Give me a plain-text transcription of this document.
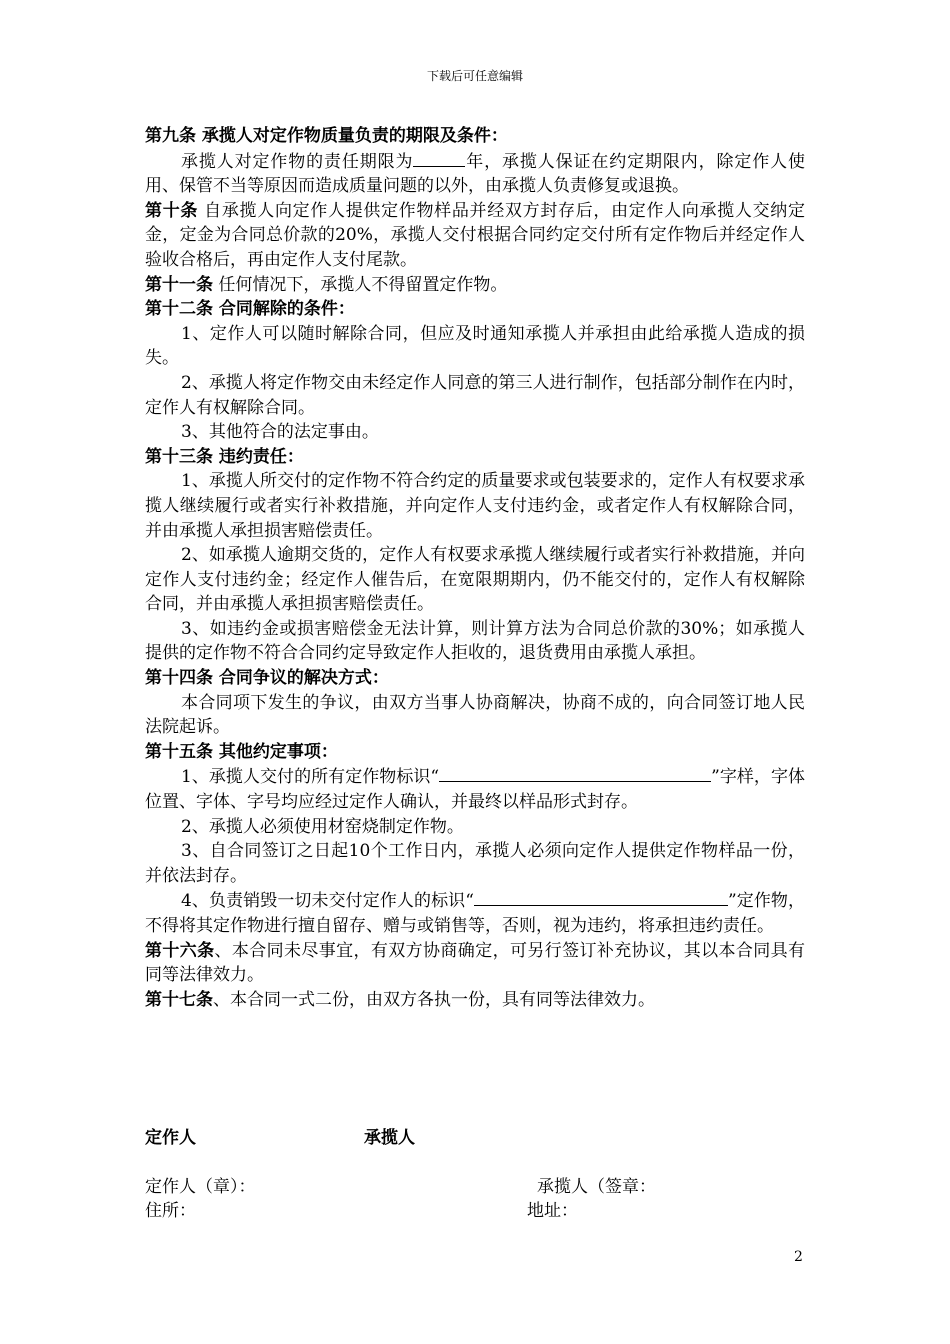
下载后可任意编辑

第九条 承揽人对定作物质量负责的期限及条件：

承揽人对定作物的责任期限为	年，承揽人保证在约定期限内，除定作人使用、保管不当等原因而造成质量问题的以外，由承揽人负责修复或退换。

第十条 自承揽人向定作人提供定作物样品并经双方封存后，由定作人向承揽人交纳定金，定金为合同总价款的20%，承揽人交付根据合同约定交付所有定作物后并经定作人验收合格后，再由定作人支付尾款。

第十一条 任何情况下，承揽人不得留置定作物。

第十二条 合同解除的条件：

1、定作人可以随时解除合同，但应及时通知承揽人并承担由此给承揽人造成的损失。

2、承揽人将定作物交由未经定作人同意的第三人进行制作，包括部分制作在内时，定作人有权解除合同。

3、其他符合的法定事由。

第十三条 违约责任：

1、承揽人所交付的定作物不符合约定的质量要求或包装要求的，定作人有权要求承揽人继续履行或者实行补救措施，并向定作人支付违约金，或者定作人有权解除合同，并由承揽人承担损害赔偿责任。

2、如承揽人逾期交货的，定作人有权要求承揽人继续履行或者实行补救措施，并向定作人支付违约金；经定作人催告后，在宽限期期内，仍不能交付的，定作人有权解除合同，并由承揽人承担损害赔偿责任。

3、如违约金或损害赔偿金无法计算，则计算方法为合同总价款的30%；如承揽人提供的定作物不符合合同约定导致定作人拒收的，退货费用由承揽人承担。

第十四条 合同争议的解决方式：

本合同项下发生的争议，由双方当事人协商解决，协商不成的，向合同签订地人民法院起诉。

第十五条 其他约定事项：

1、承揽人交付的所有定作物标识“	”字样，字体位置、字体、字号均应经过定作人确认，并最终以样品形式封存。

2、承揽人必须使用材窑烧制定作物。

3、自合同签订之日起10个工作日内，承揽人必须向定作人提供定作物样品一份，并依法封存。

4、负责销毁一切未交付定作人的标识“	”定作物，不得将其定作物进行擅自留存、赠与或销售等，否则，视为违约，将承担违约责任。

第十六条、本合同未尽事宜，有双方协商确定，可另行签订补充协议，其以本合同具有同等法律效力。

第十七条、本合同一式二份，由双方各执一份，具有同等法律效力。

定作人	承揽人
定作人（章）：	承揽人（签章：
住所：	地址：
2
